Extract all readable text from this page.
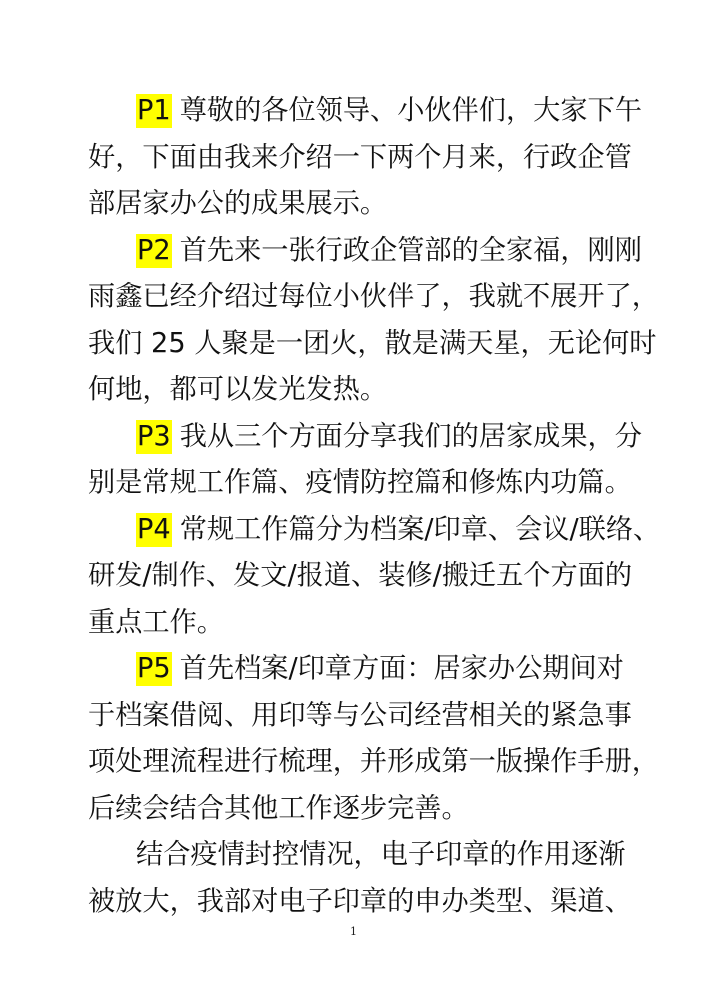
P1 尊敬的各位领导、小伙伴们，大家下午
好，下面由我来介绍一下两个月来，行政企管
部居家办公的成果展示。
P2 首先来一张行政企管部的全家福，刚刚
雨鑫已经介绍过每位小伙伴了，我就不展开了，
我们 25 人聚是一团火，散是满天星，无论何时
何地，都可以发光发热。
P3 我从三个方面分享我们的居家成果，分
别是常规工作篇、疫情防控篇和修炼内功篇。
P4 常规工作篇分为档案/印章、会议/联络、
研发/制作、发文/报道、装修/搬迁五个方面的
重点工作。
P5 首先档案/印章方面：居家办公期间对
于档案借阅、用印等与公司经营相关的紧急事
项处理流程进行梳理，并形成第一版操作手册，
后续会结合其他工作逐步完善。
结合疫情封控情况，电子印章的作用逐渐
被放大，我部对电子印章的申办类型、渠道、
1
